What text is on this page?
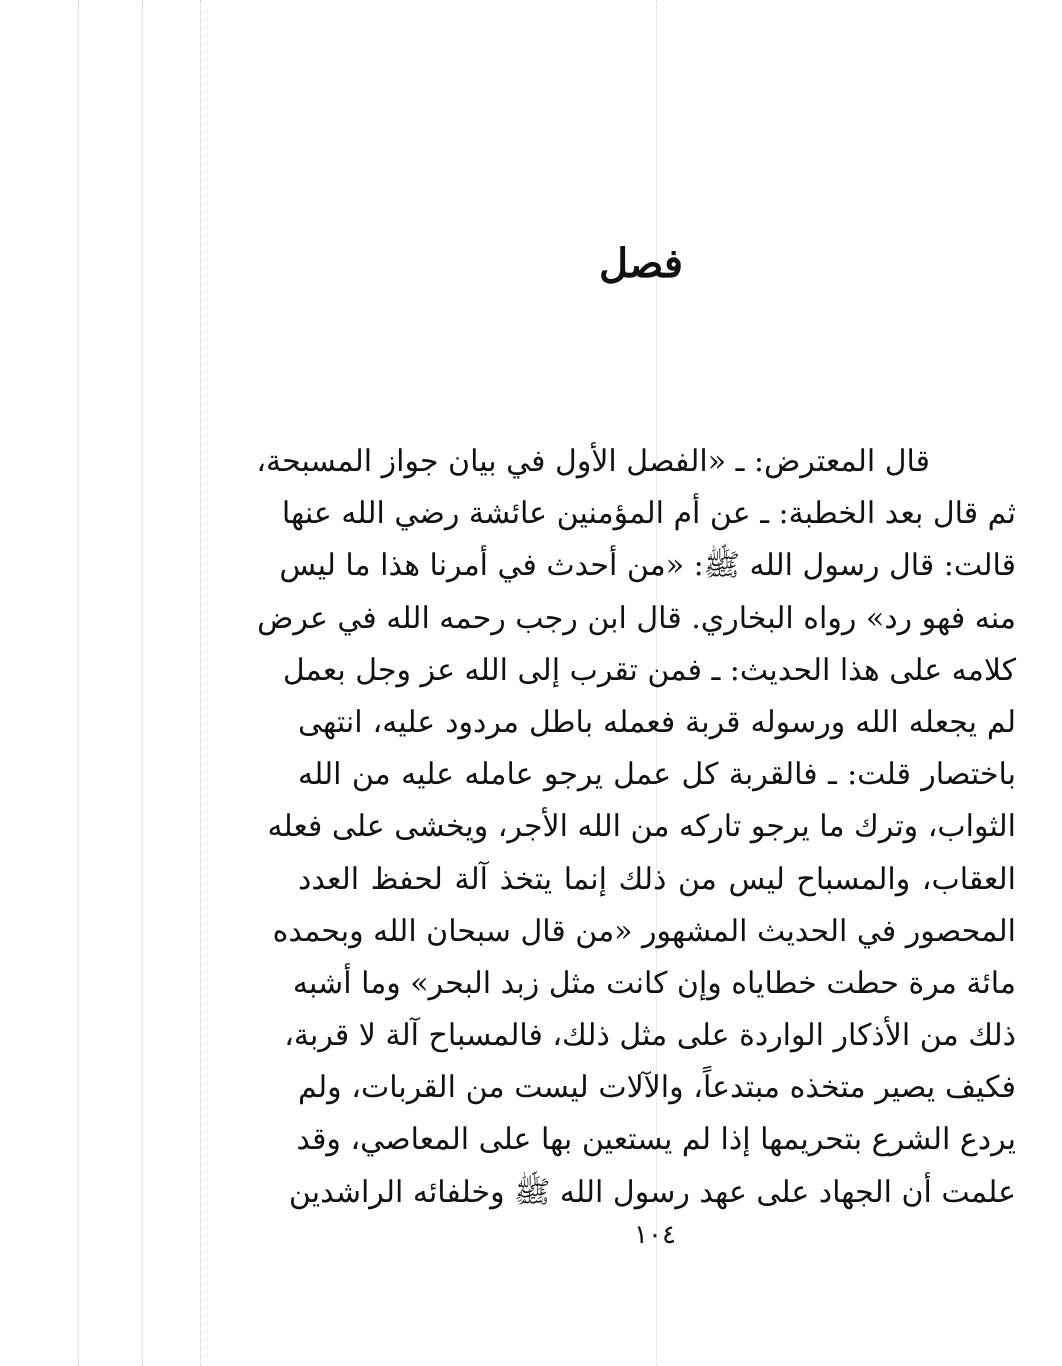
فصل
قال المعترض: ـ «الفصل الأول في بيان جواز المسبحة،
ثم قال بعد الخطبة: ـ عن أم المؤمنين عائشة رضي الله عنها
قالت: قال رسول الله ﷺ: «من أحدث في أمرنا هذا ما ليس
منه فهو رد» رواه البخاري. قال ابن رجب رحمه الله في عرض
كلامه على هذا الحديث: ـ فمن تقرب إلى الله عز وجل بعمل
لم يجعله الله ورسوله قربة فعمله باطل مردود عليه، انتهى
باختصار قلت: ـ فالقربة كل عمل يرجو عامله عليه من الله
الثواب، وترك ما يرجو تاركه من الله الأجر، ويخشى على فعله
العقاب، والمسباح ليس من ذلك إنما يتخذ آلة لحفظ العدد
المحصور في الحديث المشهور «من قال سبحان الله وبحمده
مائة مرة حطت خطاياه وإن كانت مثل زبد البحر» وما أشبه
ذلك من الأذكار الواردة على مثل ذلك، فالمسباح آلة لا قربة،
فكيف يصير متخذه مبتدعاً، والآلات ليست من القربات، ولم
يردع الشرع بتحريمها إذا لم يستعين بها على المعاصي، وقد
علمت أن الجهاد على عهد رسول الله ﷺ وخلفائه الراشدين
١٠٤
